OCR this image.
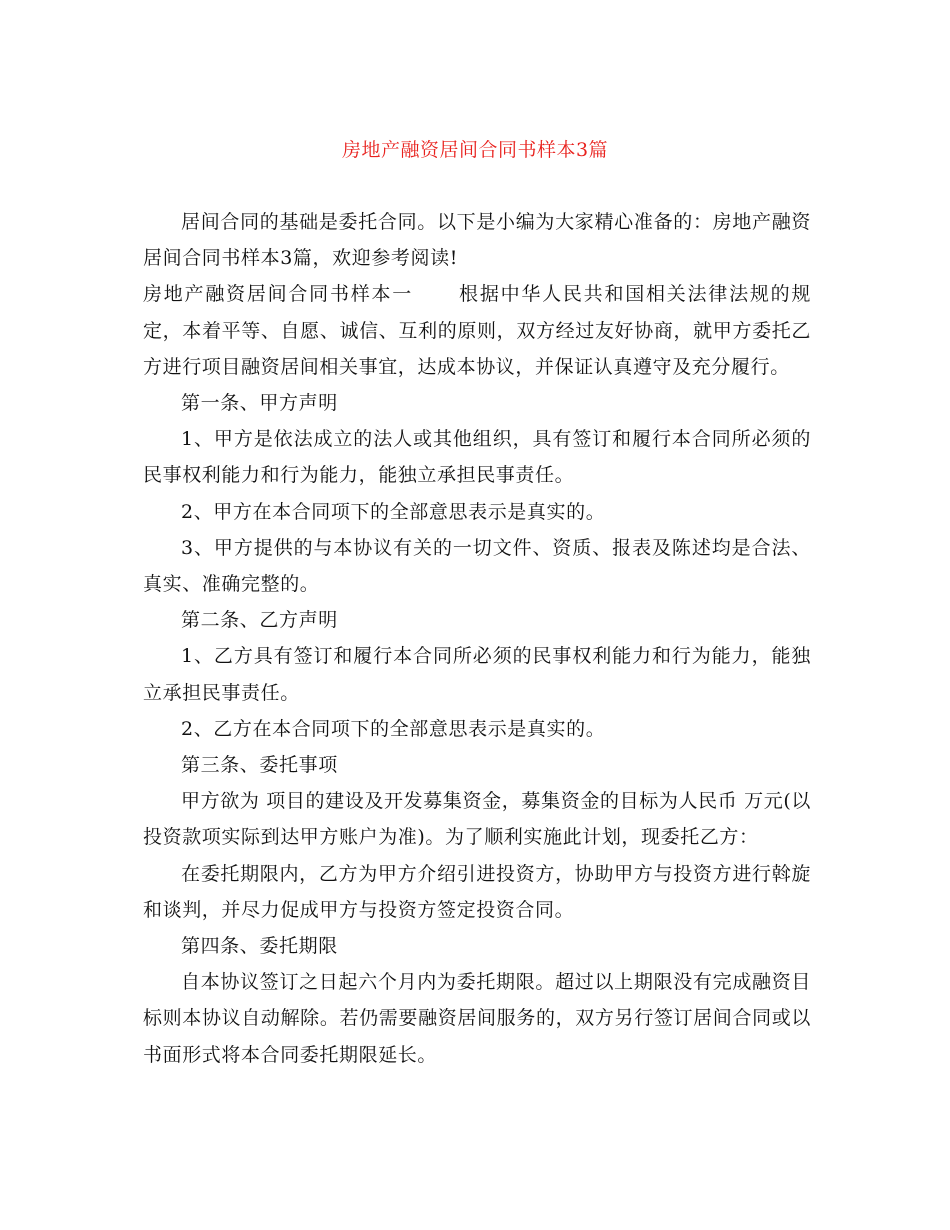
房地产融资居间合同书样本3篇

居间合同的基础是委托合同。以下是小编为大家精心准备的：房地产融资居间合同书样本3篇，欢迎参考阅读!

房地产融资居间合同书样本一 根据中华人民共和国相关法律法规的规定，本着平等、自愿、诚信、互利的原则，双方经过友好协商，就甲方委托乙方进行项目融资居间相关事宜，达成本协议，并保证认真遵守及充分履行。

第一条、甲方声明

1、甲方是依法成立的法人或其他组织，具有签订和履行本合同所必须的民事权利能力和行为能力，能独立承担民事责任。

2、甲方在本合同项下的全部意思表示是真实的。

3、甲方提供的与本协议有关的一切文件、资质、报表及陈述均是合法、真实、准确完整的。

第二条、乙方声明

1、乙方具有签订和履行本合同所必须的民事权利能力和行为能力，能独立承担民事责任。

2、乙方在本合同项下的全部意思表示是真实的。

第三条、委托事项

甲方欲为 项目的建设及开发募集资金，募集资金的目标为人民币 万元(以投资款项实际到达甲方账户为准)。为了顺利实施此计划，现委托乙方：

在委托期限内，乙方为甲方介绍引进投资方，协助甲方与投资方进行斡旋和谈判，并尽力促成甲方与投资方签定投资合同。

第四条、委托期限

自本协议签订之日起六个月内为委托期限。超过以上期限没有完成融资目标则本协议自动解除。若仍需要融资居间服务的，双方另行签订居间合同或以书面形式将本合同委托期限延长。
